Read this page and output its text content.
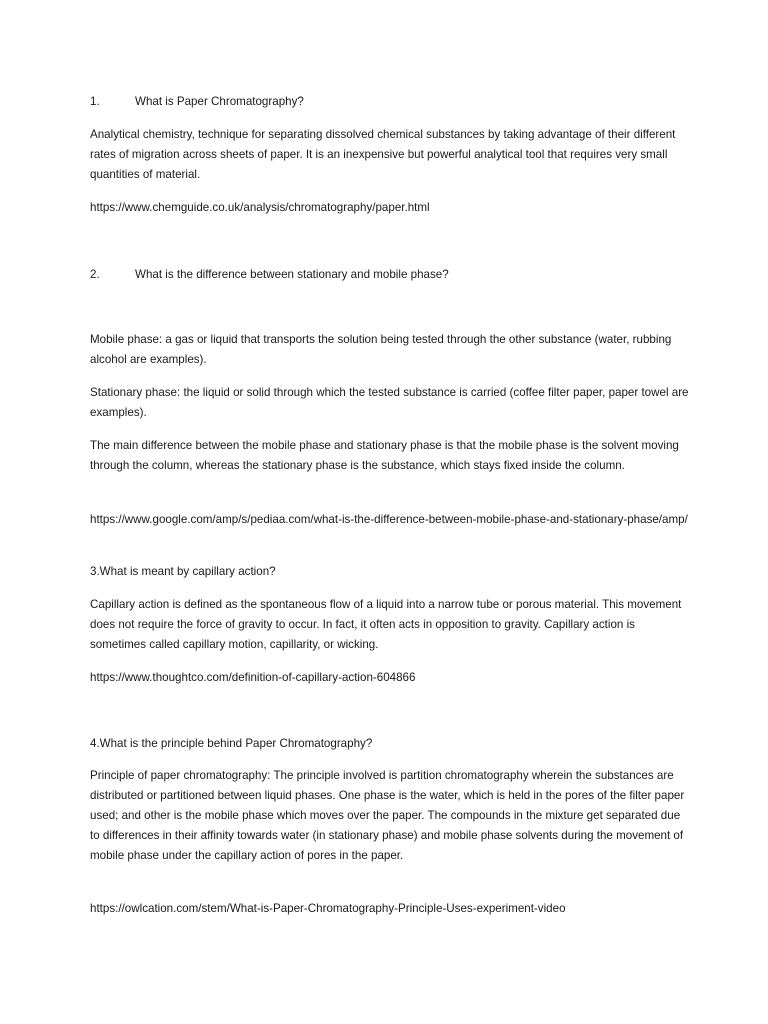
1.	What is Paper Chromatography?

Analytical chemistry, technique for separating dissolved chemical substances by taking advantage of their different rates of migration across sheets of paper. It is an inexpensive but powerful analytical tool that requires very small quantities of material.

https://www.chemguide.co.uk/analysis/chromatography/paper.html

2.	What is the difference between stationary and mobile phase?

Mobile phase: a gas or liquid that transports the solution being tested through the other substance (water, rubbing alcohol are examples).

Stationary phase: the liquid or solid through which the tested substance is carried (coffee filter paper, paper towel are examples).

The main difference between the mobile phase and stationary phase is that the mobile phase is the solvent moving through the column, whereas the stationary phase is the substance, which stays fixed inside the column.

https://www.google.com/amp/s/pediaa.com/what-is-the-difference-between-mobile-phase-and-stationary-phase/amp/

3.What is meant by capillary action?

Capillary action is defined as the spontaneous flow of a liquid into a narrow tube or porous material. This movement does not require the force of gravity to occur. In fact, it often acts in opposition to gravity. Capillary action is sometimes called capillary motion, capillarity, or wicking.

https://www.thoughtco.com/definition-of-capillary-action-604866

4.What is the principle behind Paper Chromatography?

Principle of paper chromatography: The principle involved is partition chromatography wherein the substances are distributed or partitioned between liquid phases. One phase is the water, which is held in the pores of the filter paper used; and other is the mobile phase which moves over the paper. The compounds in the mixture get separated due to differences in their affinity towards water (in stationary phase) and mobile phase solvents during the movement of mobile phase under the capillary action of pores in the paper.

https://owlcation.com/stem/What-is-Paper-Chromatography-Principle-Uses-experiment-video
